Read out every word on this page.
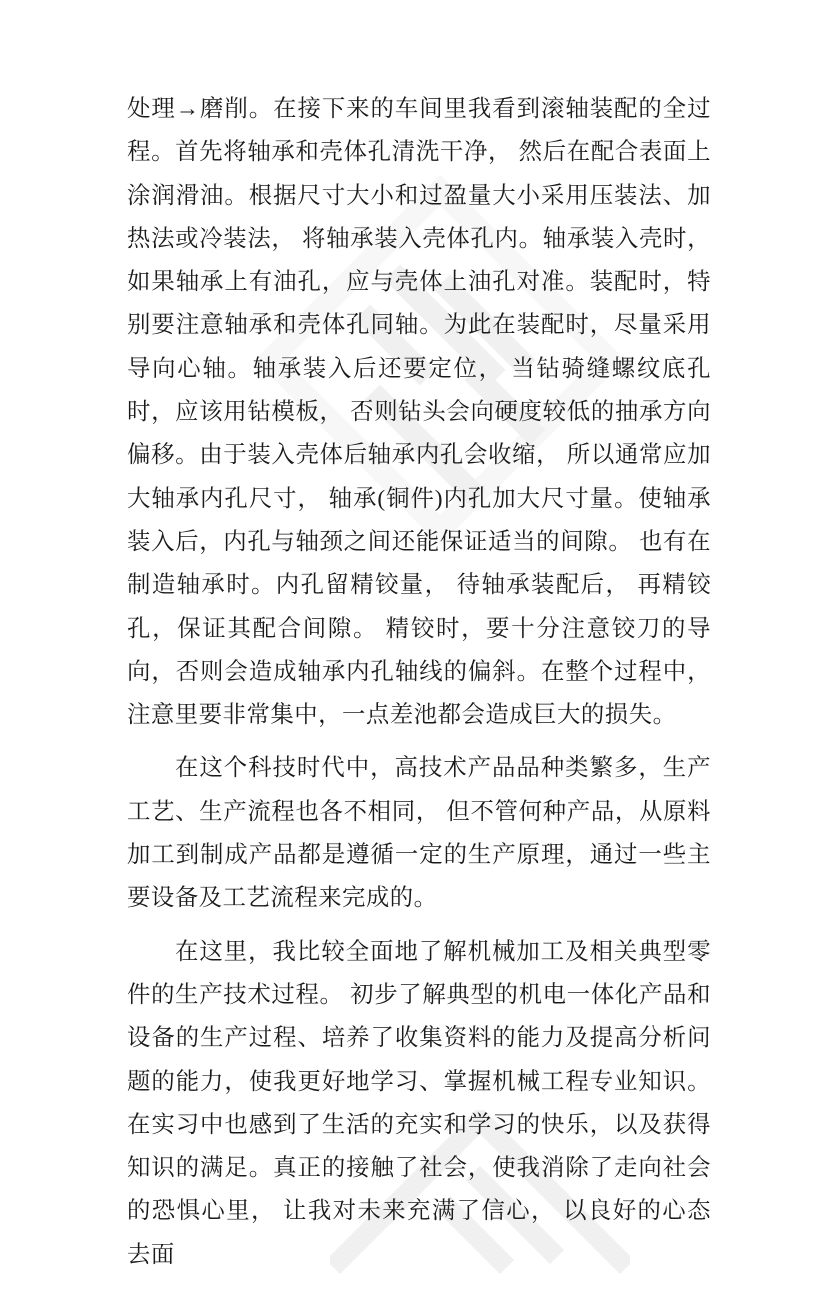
处理→磨削。在接下来的车间里我看到滚轴装配的全过程。首先将轴承和壳体孔清洗干净， 然后在配合表面上涂润滑油。根据尺寸大小和过盈量大小采用压装法、加热法或冷装法， 将轴承装入壳体孔内。轴承装入壳时，如果轴承上有油孔，应与壳体上油孔对准。装配时，特别要注意轴承和壳体孔同轴。为此在装配时，尽量采用导向心轴。轴承装入后还要定位， 当钻骑缝螺纹底孔时，应该用钻模板， 否则钻头会向硬度较低的抽承方向偏移。由于装入壳体后轴承内孔会收缩， 所以通常应加大轴承内孔尺寸， 轴承(铜件)内孔加大尺寸量。使轴承装入后，内孔与轴颈之间还能保证适当的间隙。 也有在制造轴承时。内孔留精铰量， 待轴承装配后， 再精铰孔，保证其配合间隙。 精铰时，要十分注意铰刀的导向，否则会造成轴承内孔轴线的偏斜。在整个过程中，注意里要非常集中，一点差池都会造成巨大的损失。

在这个科技时代中，高技术产品品种类繁多，生产工艺、生产流程也各不相同， 但不管何种产品，从原料加工到制成产品都是遵循一定的生产原理，通过一些主要设备及工艺流程来完成的。

在这里，我比较全面地了解机械加工及相关典型零件的生产技术过程。 初步了解典型的机电一体化产品和设备的生产过程、培养了收集资料的能力及提高分析问题的能力，使我更好地学习、掌握机械工程专业知识。在实习中也感到了生活的充实和学习的快乐，以及获得知识的满足。真正的接触了社会，使我消除了走向社会的恐惧心里， 让我对未来充满了信心， 以良好的心态去面
